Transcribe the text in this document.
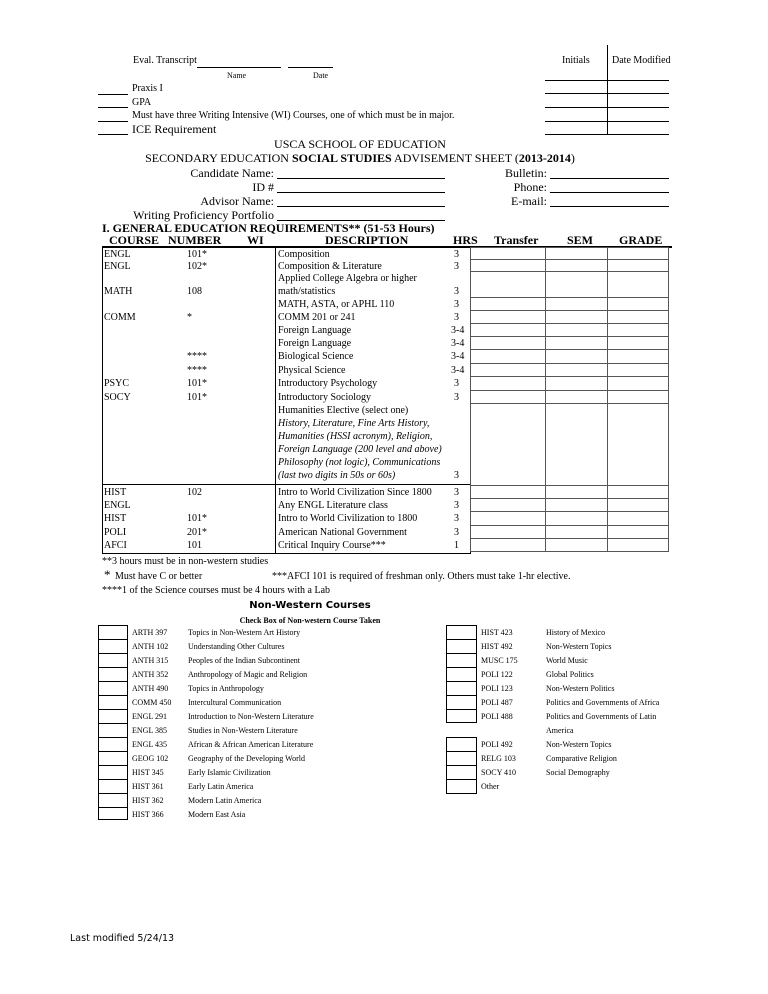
Eval. Transcript
Name	Date
Initials Date Modified
Praxis I
GPA
Must have three Writing Intensive (WI) Courses, one of which must be in major.
ICE Requirement
USCA SCHOOL OF EDUCATION
SECONDARY EDUCATION SOCIAL STUDIES ADVISEMENT SHEET (2013-2014)
Candidate Name:
ID #
Advisor Name:
Writing Proficiency Portfolio
Bulletin:
Phone:
E-mail:
I. GENERAL EDUCATION REQUIREMENTS** (51-53 Hours)
COURSE NUMBER WI	DESCRIPTION	HRS Transfer SEM GRADE
ENGL	101*	Composition	3
ENGL	102*	Composition & Literature	3
Applied College Algebra or higher
MATH	108	math/statistics	3
MATH, ASTA, or APHL 110	3
COMM	*	COMM 201 or 241	3
Foreign Language	3-4
Foreign Language	3-4
****	Biological Science	3-4
****	Physical Science	3-4
PSYC	101*	Introductory Psychology	3
SOCY	101*	Introductory Sociology	3
Humanities Elective (select one)
History, Literature, Fine Arts History,
Humanities (HSSI acronym), Religion,
Foreign Language (200 level and above)
Philosophy (not logic), Communications
(last two digits in 50s or 60s)	3
HIST	102	Intro to World Civilization Since 1800 3
ENGL	Any ENGL Literature class	3
HIST	101*	Intro to World Civilization to 1800	3
POLI	201*	American National Government	3
AFCI	101	Critical Inquiry Course***	1

**3 hours must be in non-western studies
* Must have C or better	***AFCI 101 is required of freshman only. Others must take 1-hr elective.
****1 of the Science courses must be 4 hours with a Lab
Non-Western Courses
Check Box of Non-western Course Taken
ARTH 397	Topics in Non-Western Art History
ANTH 102 Understanding Other Cultures
ANTH 315 Peoples of the Indian Subcontinent
ANTH 352 Anthropology of Magic and Religion
ANTH 490 Topics in Anthropology
COMM 450 Intercultural Communication
ENGL 291	Introduction to Non-Western Literature
ENGL 385	Studies in Non-Western Literature
ENGL 435	African & African American Literature
GEOG 102 Geography of the Developing World
HIST 345	Early Islamic Civilization
HIST 361	Early Latin America
HIST 362	Modern Latin America
HIST 366	Modern East Asia
HIST 423	History of Mexico
HIST 492	Non-Western Topics
MUSC 175	World Music
POLI 122	Global Politics
POLI 123	Non-Western Politics
POLI 487	Politics and Governments of Africa
POLI 488	Politics and Governments of Latin
America
POLI 492	Non-Western Topics
RELG 103	Comparative Religion
SOCY 410	Social Demography
Other
Last modified 5/24/13
